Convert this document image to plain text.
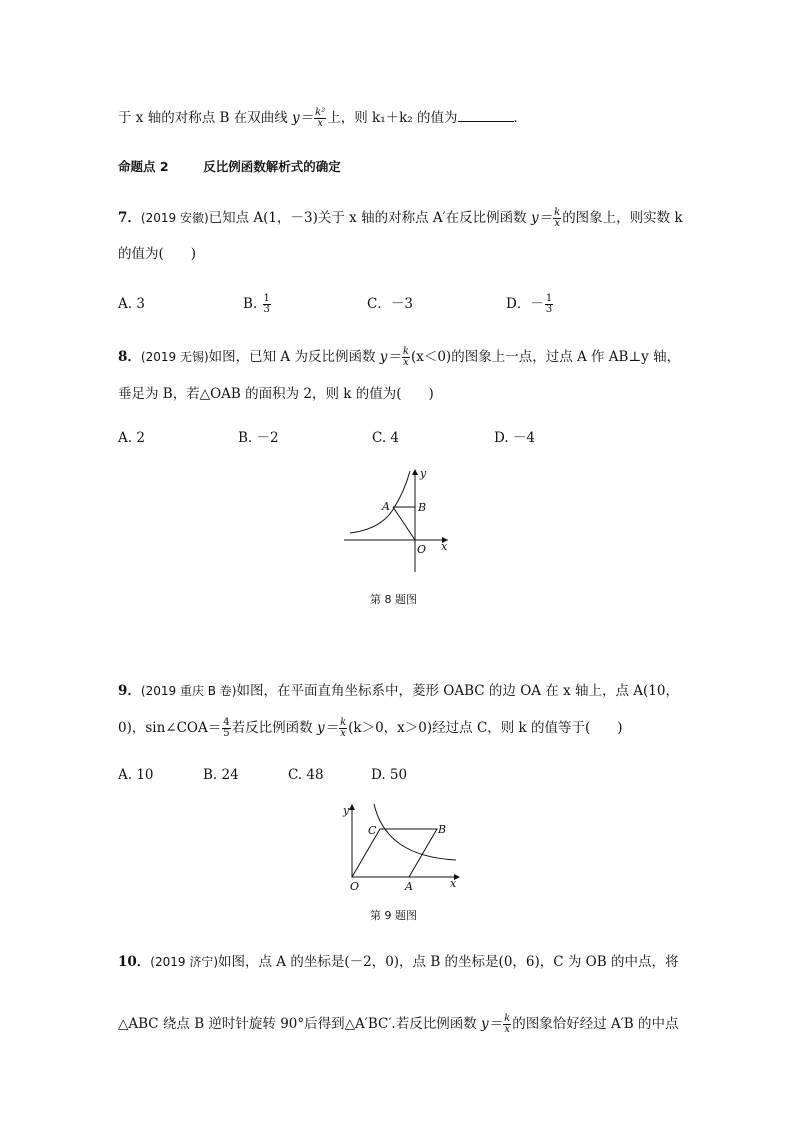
于 x 轴的对称点 B 在双曲线 $y= \frac{\text{k²}}{x}$ 上，则 k₁＋k₂ 的值为	．
命题点 2	反比例函数解析式的确定
7．(2019 安徽)已知点 A(1，－3)关于 x 轴的对称点 A′在反比例函数 $y= \frac{k}{x}$ 的图象上，则实数 k
的值为(　　)
A. 3	B. $\frac{1}{3}$	C．－3	D．－ $\frac{1}{3}$
8．(2019 无锡)如图，已知 A 为反比例函数 $y= \frac{k}{x} (x<0)$的图象上一点，过点 A 作 AB⊥y 轴，
垂足为 B，若△OAB 的面积为 2，则 k 的值为(　　)
A. 2	B. －2	C. 4	D. －4
A	B
O x
y
第 8 题图
9．(2019 重庆 B 卷)如图，在平面直角坐标系中，菱形 OABC 的边 OA 在 x 轴上，点 A(10，
0)，sin∠COA＝ $\frac{4}{5}$ 若反比例函数 $y= \frac{k}{x} (k>0$，x＞0)经过点 C，则 k 的值等于(　　)
A. 10	B. 24	C. 48	D. 50
C	B
A
O	x
y
第 9 题图
10．(2019 济宁)如图，点 A 的坐标是(－2，0)，点 B 的坐标是(0，6)，C 为 OB 的中点，将
△ABC 绕点 B 逆时针旋转 90°后得到△A′BC′.若反比例函数 $y= \frac{k}{x}$ 的图象恰好经过 A′B 的中点
